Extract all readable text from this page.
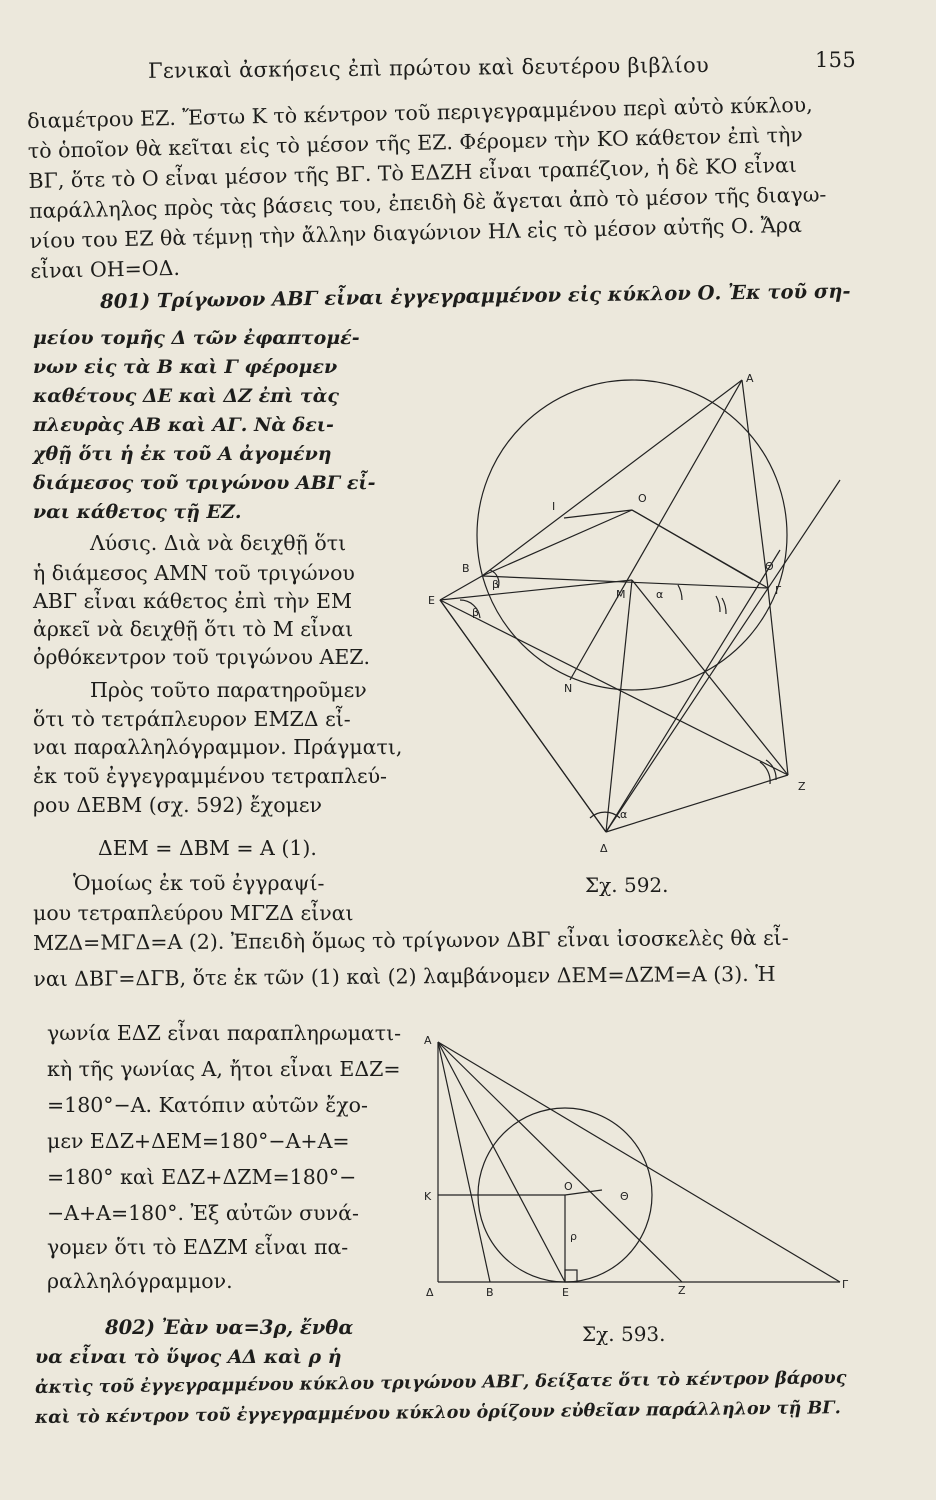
Γενικαὶ ἀσκήσεις ἐπὶ πρώτου καὶ δευτέρου βιβλίου	155
διαμέτρου ΕΖ. Ἔστω Κ τὸ κέντρον τοῦ περιγεγραμμένου περὶ αὐτὸ κύκλου,
τὸ ὁποῖον θὰ κεῖται εἰς τὸ μέσον τῆς ΕΖ. Φέρομεν τὴν ΚΟ κάθετον ἐπὶ τὴν
ΒΓ, ὅτε τὸ Ο εἶναι μέσον τῆς ΒΓ. Τὸ ΕΔΖΗ εἶναι τραπέζιον, ἡ δὲ ΚΟ εἶναι
παράλληλος πρὸς τὰς βάσεις του, ἐπειδὴ δὲ ἄγεται ἀπὸ τὸ μέσον τῆς διαγω-
νίου του ΕΖ θὰ τέμνῃ τὴν ἄλλην διαγώνιον ΗΛ εἰς τὸ μέσον αὐτῆς Ο. Ἄρα
εἶναι ΟΗ=ΟΔ.
801) Τρίγωνον ΑΒΓ εἶναι ἐγγεγραμμένον εἰς κύκλον Ο. Ἐκ τοῦ ση-
μείου τομῆς Δ τῶν ἐφαπτομέ-
νων εἰς τὰ Β καὶ Γ φέρομεν
καθέτους ΔΕ καὶ ΔΖ ἐπὶ τὰς
πλευρὰς ΑΒ καὶ ΑΓ. Νὰ δει-
χθῇ ὅτι ἡ ἐκ τοῦ Α ἀγομένη
διάμεσος τοῦ τριγώνου ΑΒΓ εἶ-
ναι κάθετος τῇ ΕΖ.
Λύσις. Διὰ νὰ δειχθῇ ὅτι
ἡ διάμεσος ΑΜΝ τοῦ τριγώνου
ΑΒΓ εἶναι κάθετος ἐπὶ τὴν ΕΜ
ἀρκεῖ νὰ δειχθῇ ὅτι τὸ Μ εἶναι
ὀρθόκεντρον τοῦ τριγώνου ΑΕΖ.
Πρὸς τοῦτο παρατηροῦμεν
ὅτι τὸ τετράπλευρον ΕΜΖΔ εἶ-
ναι παραλληλόγραμμον. Πράγματι,
ἐκ τοῦ ἐγγεγραμμένου τετραπλεύ-
ρου ΔΕΒΜ (σχ. 592) ἔχομεν
ΔΕΜ = ΔΒΜ = Α (1).
Ὁμοίως ἐκ τοῦ ἐγγραψί-
μου τετραπλεύρου ΜΓΖΔ εἶναι
ΜΖΔ=ΜΓΔ=Α (2). Ἐπειδὴ ὅμως τὸ τρίγωνον ΔΒΓ εἶναι ἰσοσκελὲς θὰ εἶ-
ναι ΔΒΓ=ΔΓΒ, ὅτε ἐκ τῶν (1) καὶ (2) λαμβάνομεν ΔΕΜ=ΔΖΜ=Α (3). Ἡ
γωνία ΕΔΖ εἶναι παραπληρωματι-
κὴ τῆς γωνίας Α, ἤτοι εἶναι ΕΔΖ=
=180°−Α. Κατόπιν αὐτῶν ἔχο-
μεν ΕΔΖ+ΔΕΜ=180°−Α+Α=
=180° καὶ ΕΔΖ+ΔΖΜ=180°−
−Α+Α=180°. Ἐξ αὐτῶν συνά-
γομεν ὅτι τὸ ΕΔΖΜ εἶναι πα-
ραλληλόγραμμον.
802) Ἐὰν υα=3ρ, ἔνθα
υα εἶναι τὸ ὕψος ΑΔ καὶ ρ ἡ
ἀκτὶς τοῦ ἐγγεγραμμένου κύκλου τριγώνου ΑΒΓ, δείξατε ὅτι τὸ κέντρον βάρους
καὶ τὸ κέντρον τοῦ ἐγγεγραμμένου κύκλου ὁρίζουν εὐθεῖαν παράλληλον τῇ ΒΓ.
A
O
I
B
E	M	α
Θ
Γ
N
Z
Δ
α
β
β
Σχ. 592.
A
K
O
Θ
ρ
Δ	B	E	Z	Γ
Σχ. 593.
